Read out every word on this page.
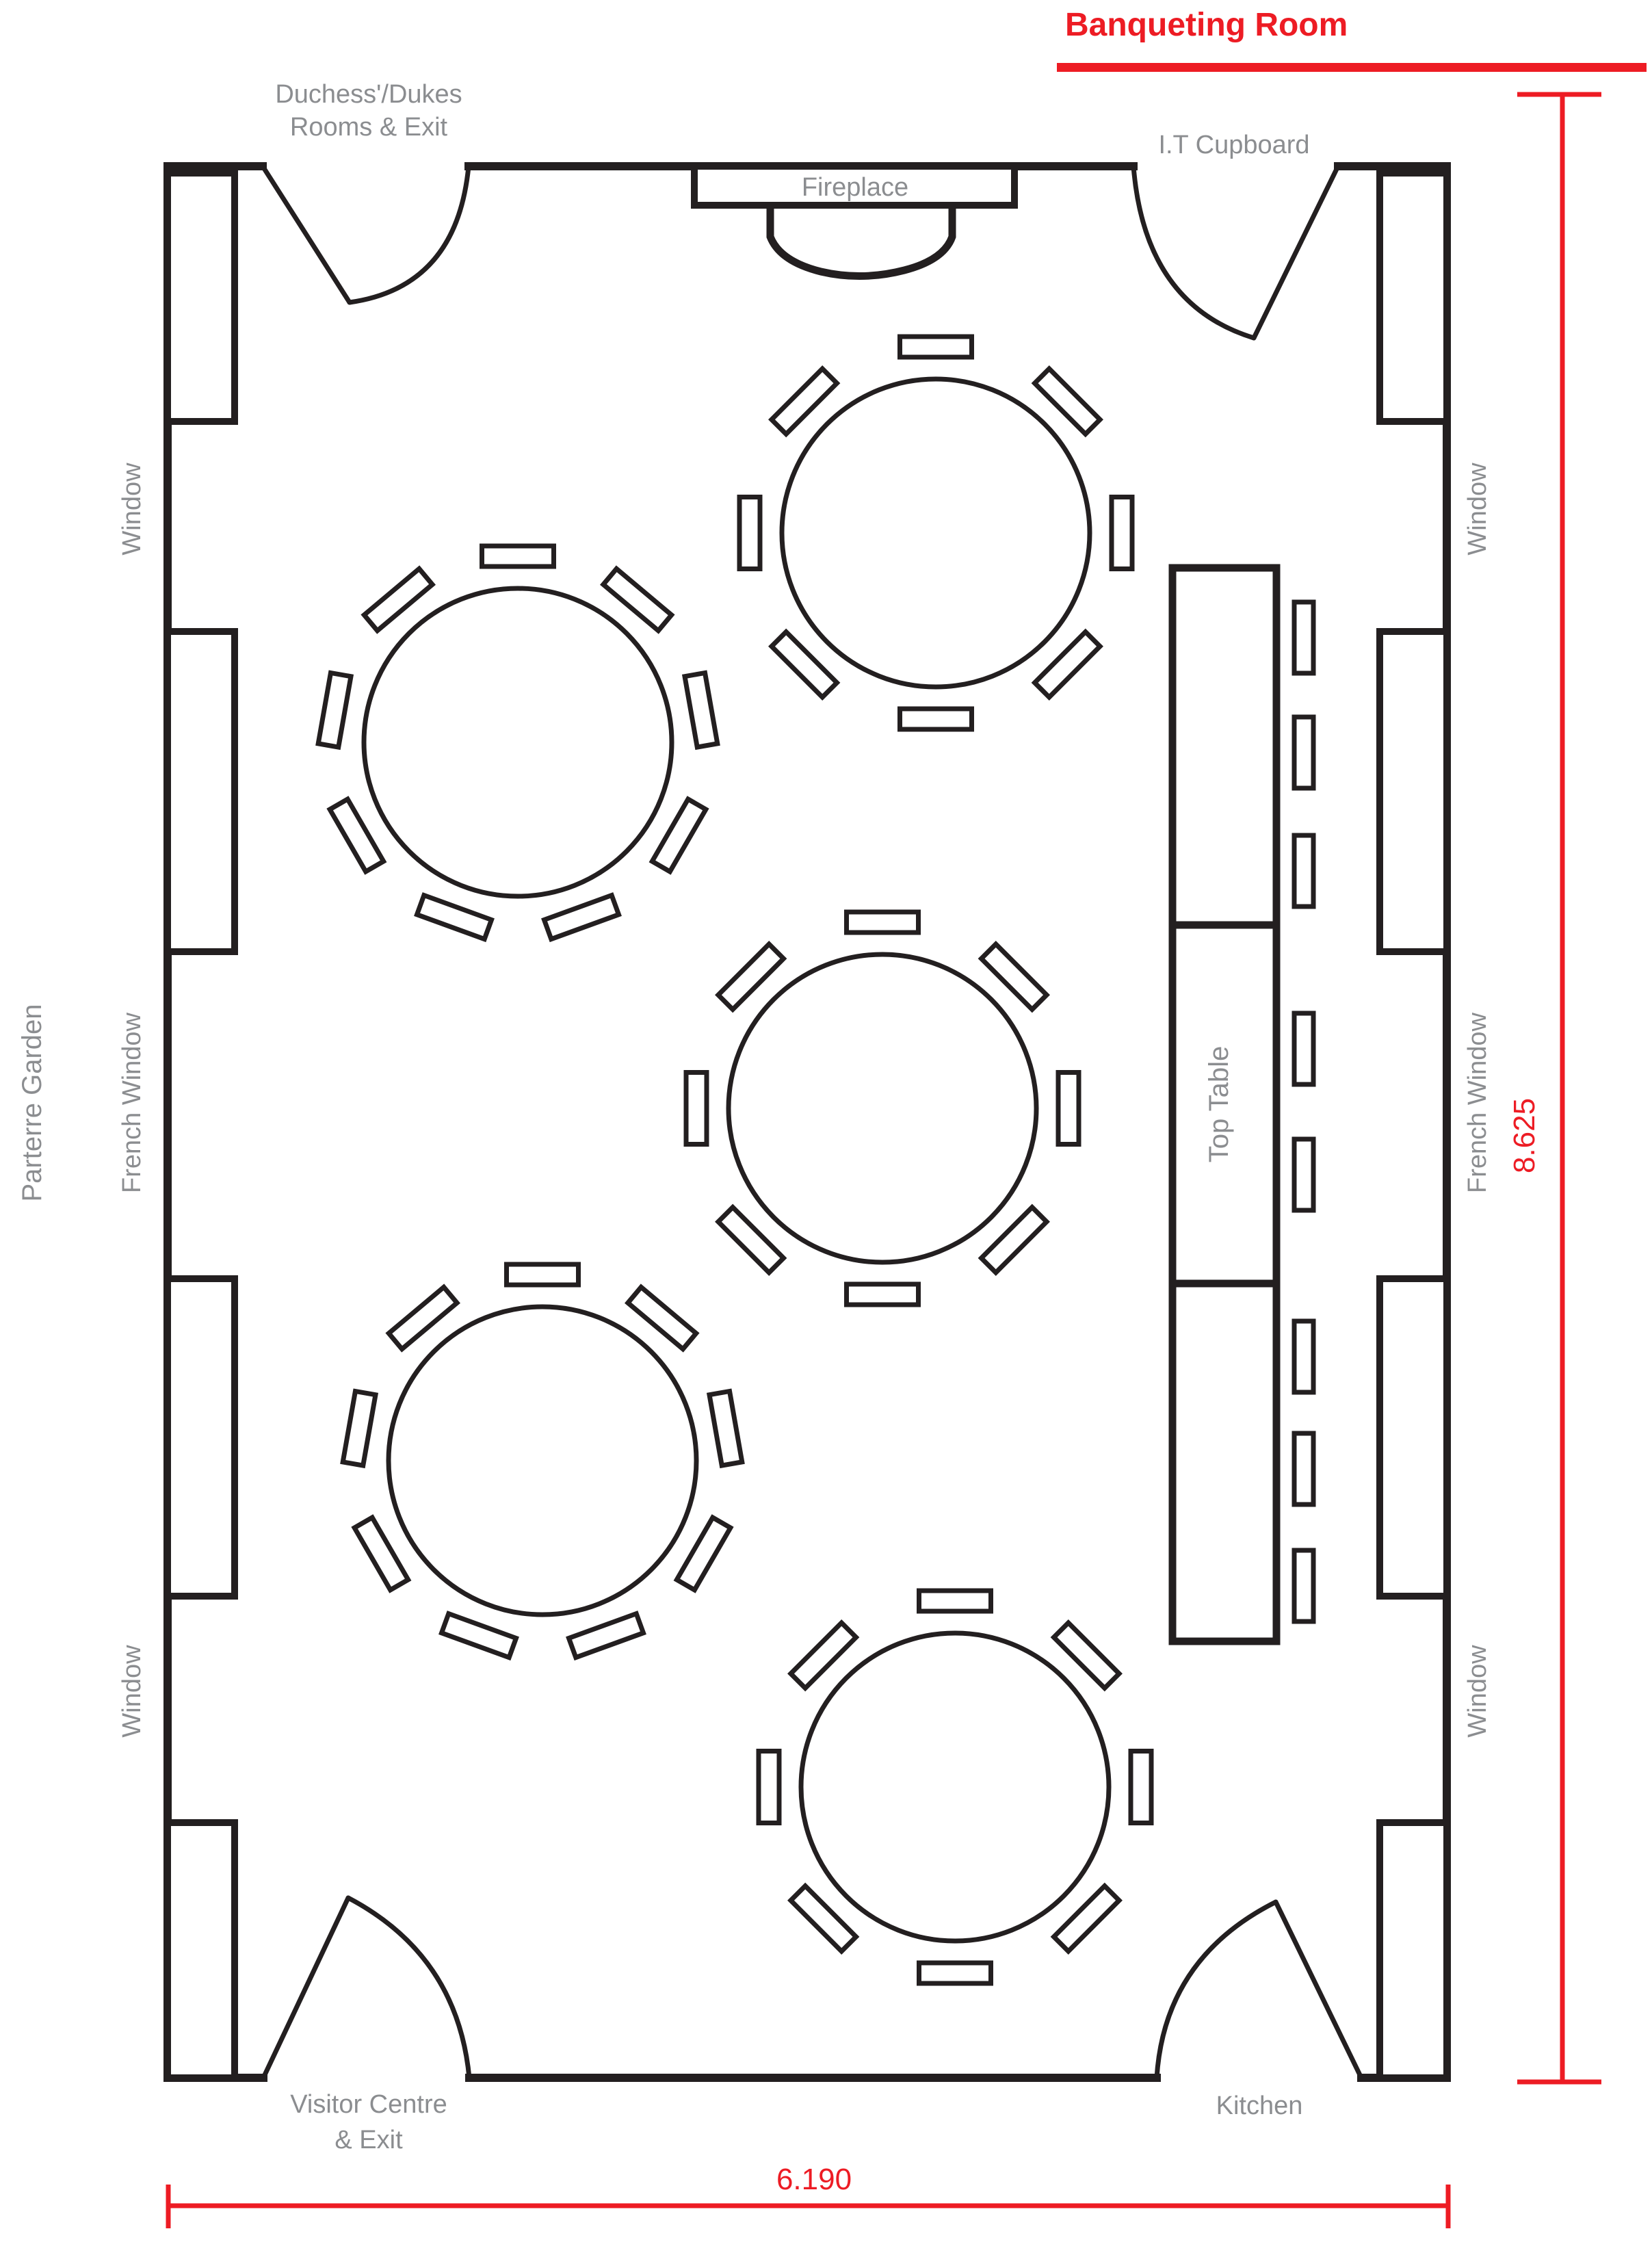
Banqueting Room
Fireplace
Top Table	8.625
6.190
Duchess'/Dukes
Rooms & Exit
I.T Cupboard
Parterre Garden
Window
French Window
Window
Window
French Window
Window
Visitor Centre
& Exit
Kitchen
